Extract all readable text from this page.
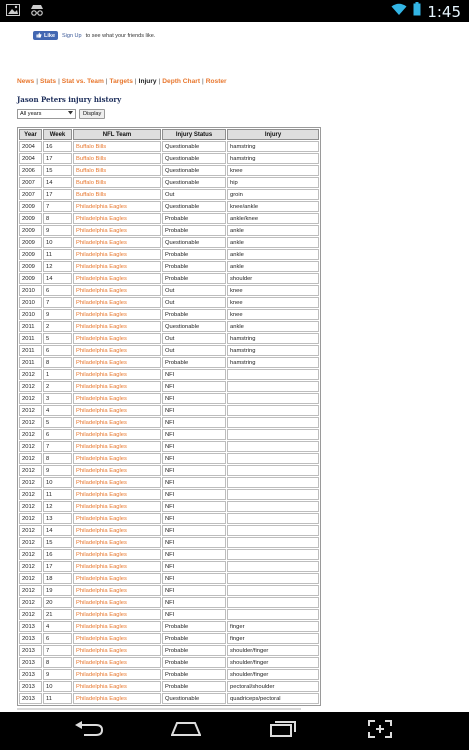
1:45
Like Sign Up to see what your friends like.
News | Stats | Stat vs. Team | Targets | Injury | Depth Chart | Roster
Jason Peters injury history
All years	Display
Year	Week	NFL Team	Injury Status	Injury
2004	16	Buffalo Bills	Questionable	hamstring
2004	17	Buffalo Bills	Questionable	hamstring
2006	15	Buffalo Bills	Questionable	knee
2007	14	Buffalo Bills	Questionable	hip
2007	17	Buffalo Bills	Out	groin
2009	7	Philadelphia Eagles	Questionable	knee/ankle
2009	8	Philadelphia Eagles	Probable	ankle/knee
2009	9	Philadelphia Eagles	Probable	ankle
2009	10	Philadelphia Eagles	Questionable	ankle
2009	11	Philadelphia Eagles	Probable	ankle
2009	12	Philadelphia Eagles	Probable	ankle
2009	14	Philadelphia Eagles	Probable	shoulder
2010	6	Philadelphia Eagles	Out	knee
2010	7	Philadelphia Eagles	Out	knee
2010	9	Philadelphia Eagles	Probable	knee
2011	2	Philadelphia Eagles	Questionable	ankle
2011	5	Philadelphia Eagles	Out	hamstring
2011	6	Philadelphia Eagles	Out	hamstring
2011	8	Philadelphia Eagles	Probable	hamstring
2012	1	Philadelphia Eagles	NFI	
2012	2	Philadelphia Eagles	NFI	
2012	3	Philadelphia Eagles	NFI	
2012	4	Philadelphia Eagles	NFI	
2012	5	Philadelphia Eagles	NFI	
2012	6	Philadelphia Eagles	NFI	
2012	7	Philadelphia Eagles	NFI	
2012	8	Philadelphia Eagles	NFI	
2012	9	Philadelphia Eagles	NFI	
2012	10	Philadelphia Eagles	NFI	
2012	11	Philadelphia Eagles	NFI	
2012	12	Philadelphia Eagles	NFI	
2012	13	Philadelphia Eagles	NFI	
2012	14	Philadelphia Eagles	NFI	
2012	15	Philadelphia Eagles	NFI	
2012	16	Philadelphia Eagles	NFI	
2012	17	Philadelphia Eagles	NFI	
2012	18	Philadelphia Eagles	NFI	
2012	19	Philadelphia Eagles	NFI	
2012	20	Philadelphia Eagles	NFI	
2012	21	Philadelphia Eagles	NFI	
2013	4	Philadelphia Eagles	Probable	finger
2013	6	Philadelphia Eagles	Probable	finger
2013	7	Philadelphia Eagles	Probable	shoulder/finger
2013	8	Philadelphia Eagles	Probable	shoulder/finger
2013	9	Philadelphia Eagles	Probable	shoulder/finger
2013	10	Philadelphia Eagles	Probable	pectoral/shoulder
2013	11	Philadelphia Eagles	Questionable	quadriceps/pectoral
